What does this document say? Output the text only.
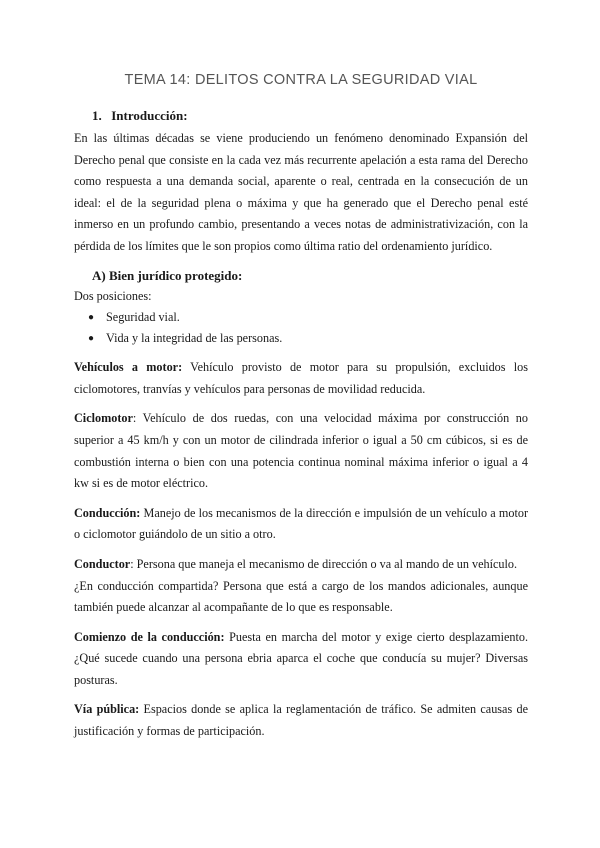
TEMA 14: DELITOS CONTRA LA SEGURIDAD VIAL
1. Introducción:

En las últimas décadas se viene produciendo un fenómeno denominado Expansión del Derecho penal que consiste en la cada vez más recurrente apelación a esta rama del Derecho como respuesta a una demanda social, aparente o real, centrada en la consecución de un ideal: el de la seguridad plena o máxima y que ha generado que el Derecho penal esté inmerso en un profundo cambio, presentando a veces notas de administrativización, con la pérdida de los límites que le son propios como última ratio del ordenamiento jurídico.

A) Bien jurídico protegido:

Dos posiciones:

● Seguridad vial.
● Vida y la integridad de las personas.

Vehículos a motor: Vehículo provisto de motor para su propulsión, excluidos los ciclomotores, tranvías y vehículos para personas de movilidad reducida.

Ciclomotor: Vehículo de dos ruedas, con una velocidad máxima por construcción no superior a 45 km/h y con un motor de cilindrada inferior o igual a 50 cm cúbicos, si es de combustión interna o bien con una potencia continua nominal máxima inferior o igual a 4 kw si es de motor eléctrico.

Conducción: Manejo de los mecanismos de la dirección e impulsión de un vehículo a motor o ciclomotor guiándolo de un sitio a otro.

Conductor: Persona que maneja el mecanismo de dirección o va al mando de un vehículo.

¿En conducción compartida? Persona que está a cargo de los mandos adicionales, aunque también puede alcanzar al acompañante de lo que es responsable.

Comienzo de la conducción: Puesta en marcha del motor y exige cierto desplazamiento. ¿Qué sucede cuando una persona ebria aparca el coche que conducía su mujer? Diversas posturas.

Vía pública: Espacios donde se aplica la reglamentación de tráfico. Se admiten causas de justificación y formas de participación.
